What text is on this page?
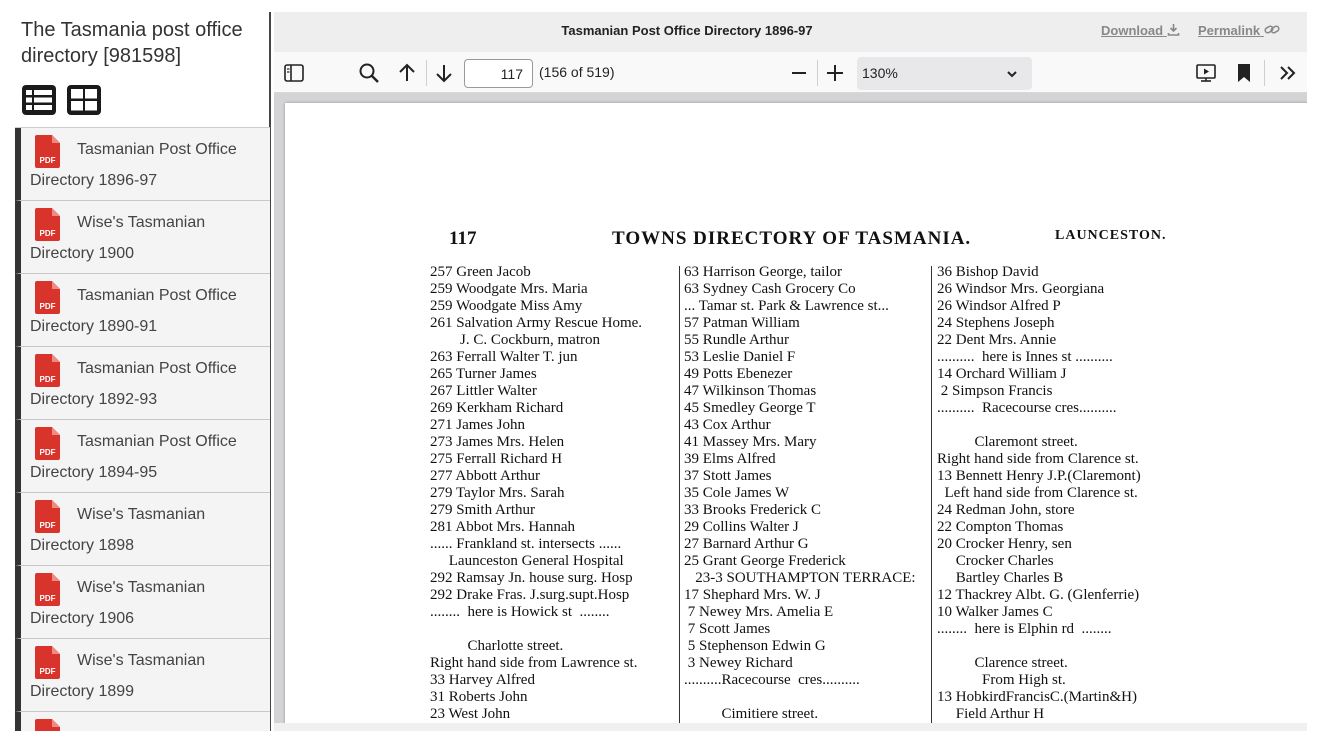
The Tasmania post office directory [981598]
PDF
Tasmanian Post Office Directory 1896-97
PDF
Wise's Tasmanian Directory 1900
PDF
Tasmanian Post Office Directory 1890-91
PDF
Tasmanian Post Office Directory 1892-93
PDF
Tasmanian Post Office Directory 1894-95
PDF
Wise's Tasmanian Directory 1898
PDF
Wise's Tasmanian Directory 1906
PDF
Wise's Tasmanian Directory 1899
Tasmanian Post Office Directory 1896-97	Download	Permalink
117
(156 of 519)	130%
117	TOWNS DIRECTORY OF TASMANIA.	LAUNCESTON.
257 Green Jacob
259 Woodgate Mrs. Maria
259 Woodgate Miss Amy
261 Salvation Army Rescue Home.
J. C. Cockburn, matron
263 Ferrall Walter T. jun
265 Turner James
267 Littler Walter
269 Kerkham Richard
271 James John
273 James Mrs. Helen
275 Ferrall Richard H
277 Abbott Arthur
279 Taylor Mrs. Sarah
279 Smith Arthur
281 Abbot Mrs. Hannah
...... Frankland st. intersects ......
Launceston General Hospital
292 Ramsay Jn. house surg. Hosp
292 Drake Fras. J.surg.supt.Hosp
........  here is Howick st  ........
Charlotte street.
Right hand side from Lawrence st.
33 Harvey Alfred
31 Roberts John
23 West John
63 Harrison George, tailor
63 Sydney Cash Grocery Co
... Tamar st. Park & Lawrence st...
57 Patman William
55 Rundle Arthur
53 Leslie Daniel F
49 Potts Ebenezer
47 Wilkinson Thomas
45 Smedley George T
43 Cox Arthur
41 Massey Mrs. Mary
39 Elms Alfred
37 Stott James
35 Cole James W
33 Brooks Frederick C
29 Collins Walter J
27 Barnard Arthur G
25 Grant George Frederick
23-3 SOUTHAMPTON TERRACE:
17 Shephard Mrs. W. J
7 Newey Mrs. Amelia E
7 Scott James
5 Stephenson Edwin G
3 Newey Richard
..........Racecourse  cres..........
Cimitiere street.
36 Bishop David
26 Windsor Mrs. Georgiana
26 Windsor Alfred P
24 Stephens Joseph
22 Dent Mrs. Annie
..........  here is Innes st ..........
14 Orchard William J
2 Simpson Francis
..........  Racecourse cres..........
Claremont street.
Right hand side from Clarence st.
13 Bennett Henry J.P.(Claremont)
Left hand side from Clarence st.
24 Redman John, store
22 Compton Thomas
20 Crocker Henry, sen
Crocker Charles
Bartley Charles B
12 Thackrey Albt. G. (Glenferrie)
10 Walker James C
........  here is Elphin rd  ........
Clarence street.
From High st.
13 HobkirdFrancisC.(Martin&H)
Field Arthur H
